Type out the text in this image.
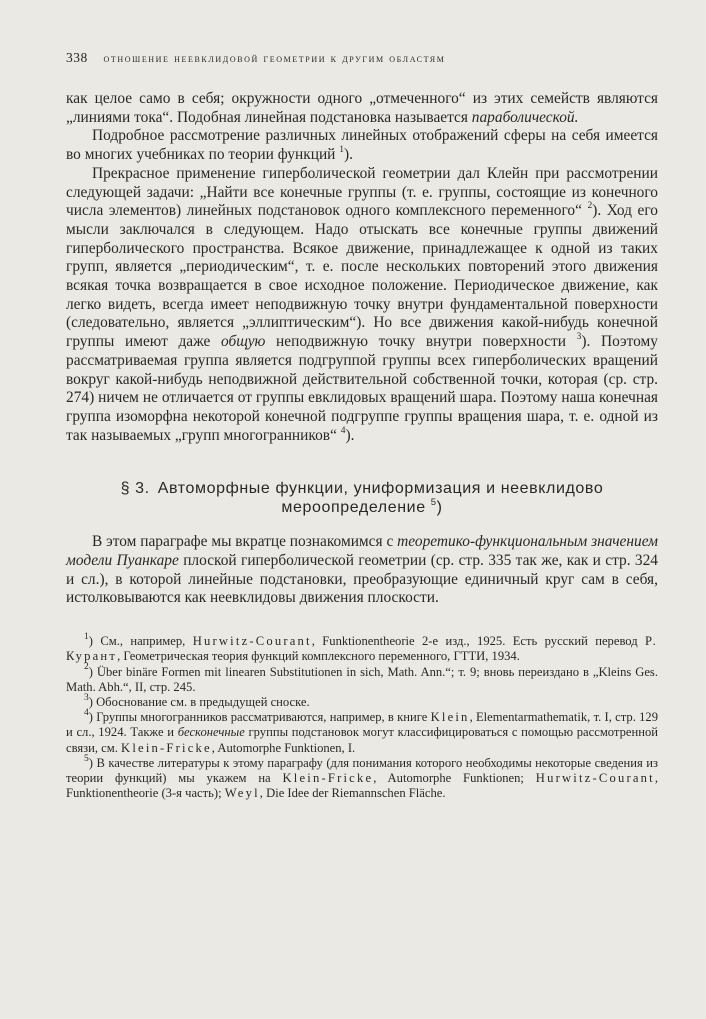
338 отношение неевклидовой геометрии к другим областям

как целое само в себя; окружности одного „отмеченного“ из этих семейств являются „линиями тока“. Подобная линейная подстановка называется параболической.

Подробное рассмотрение различных линейных отображений сферы на себя имеется во многих учебниках по теории функций $^1$).

Прекрасное применение гиперболической геометрии дал Клейн при рассмотрении следующей задачи: „Найти все конечные группы (т. е. группы, состоящие из конечного числа элементов) линейных подстановок одного комплексного переменного“ $^2$). Ход его мысли заключался в следующем. Надо отыскать все конечные группы движений гиперболического пространства. Всякое движение, принадлежащее к одной из таких групп, является „периодическим“, т. е. после нескольких повторений этого движения всякая точка возвращается в свое исходное положение. Периодическое движение, как легко видеть, всегда имеет неподвижную точку внутри фундаментальной поверхности (следовательно, является „эллиптическим“). Но все движения какой-нибудь конечной группы имеют даже общую неподвижную точку внутри поверхности $^3$). Поэтому рассматриваемая группа является подгруппой группы всех гиперболических вращений вокруг какой-нибудь неподвижной действительной собственной точки, которая (ср. стр. 274) ничем не отличается от группы евклидовых вращений шара. Поэтому наша конечная группа изоморфна некоторой конечной подгруппе группы вращения шара, т. е. одной из так называемых „групп многогранников“ $^4$).

§ 3. Автоморфные функции, униформизация и неевклидово мероопределение $^5$)

В этом параграфе мы вкратце познакомимся с теоретико-функциональным значением модели Пуанкаре плоской гиперболической геометрии (ср. стр. 335 так же, как и стр. 324 и сл.), в которой линейные подстановки, преобразующие единичный круг сам в себя, истолковываются как неевклидовы движения плоскости.

$^1$) См., например, Hurwitz-Courant, Funktionentheorie 2-е изд., 1925. Есть русский перевод Р. Курант, Геометрическая теория функций комплексного переменного, ГТТИ, 1934.

$^2$) Über binäre Formen mit linearen Substitutionen in sich, Math. Ann.“; т. 9; вновь переиздано в „Kleins Ges. Math. Abh.“, II, стр. 245.

$^3$) Обоснование см. в предыдущей сноске.

$^4$) Группы многогранников рассматриваются, например, в книге Klein, Elementarmathematik, т. I, стр. 129 и сл., 1924. Также и бесконечные группы подстановок могут классифицироваться с помощью рассмотренной связи, см. Klein-Fricke, Automorphe Funktionen, I.

$^5$) В качестве литературы к этому параграфу (для понимания которого необходимы некоторые сведения из теории функций) мы укажем на Klein-Fricke, Automorphe Funktionen; Hurwitz-Courant, Funktionentheorie (3-я часть); Weyl, Die Idee der Riemannschen Fläche.
